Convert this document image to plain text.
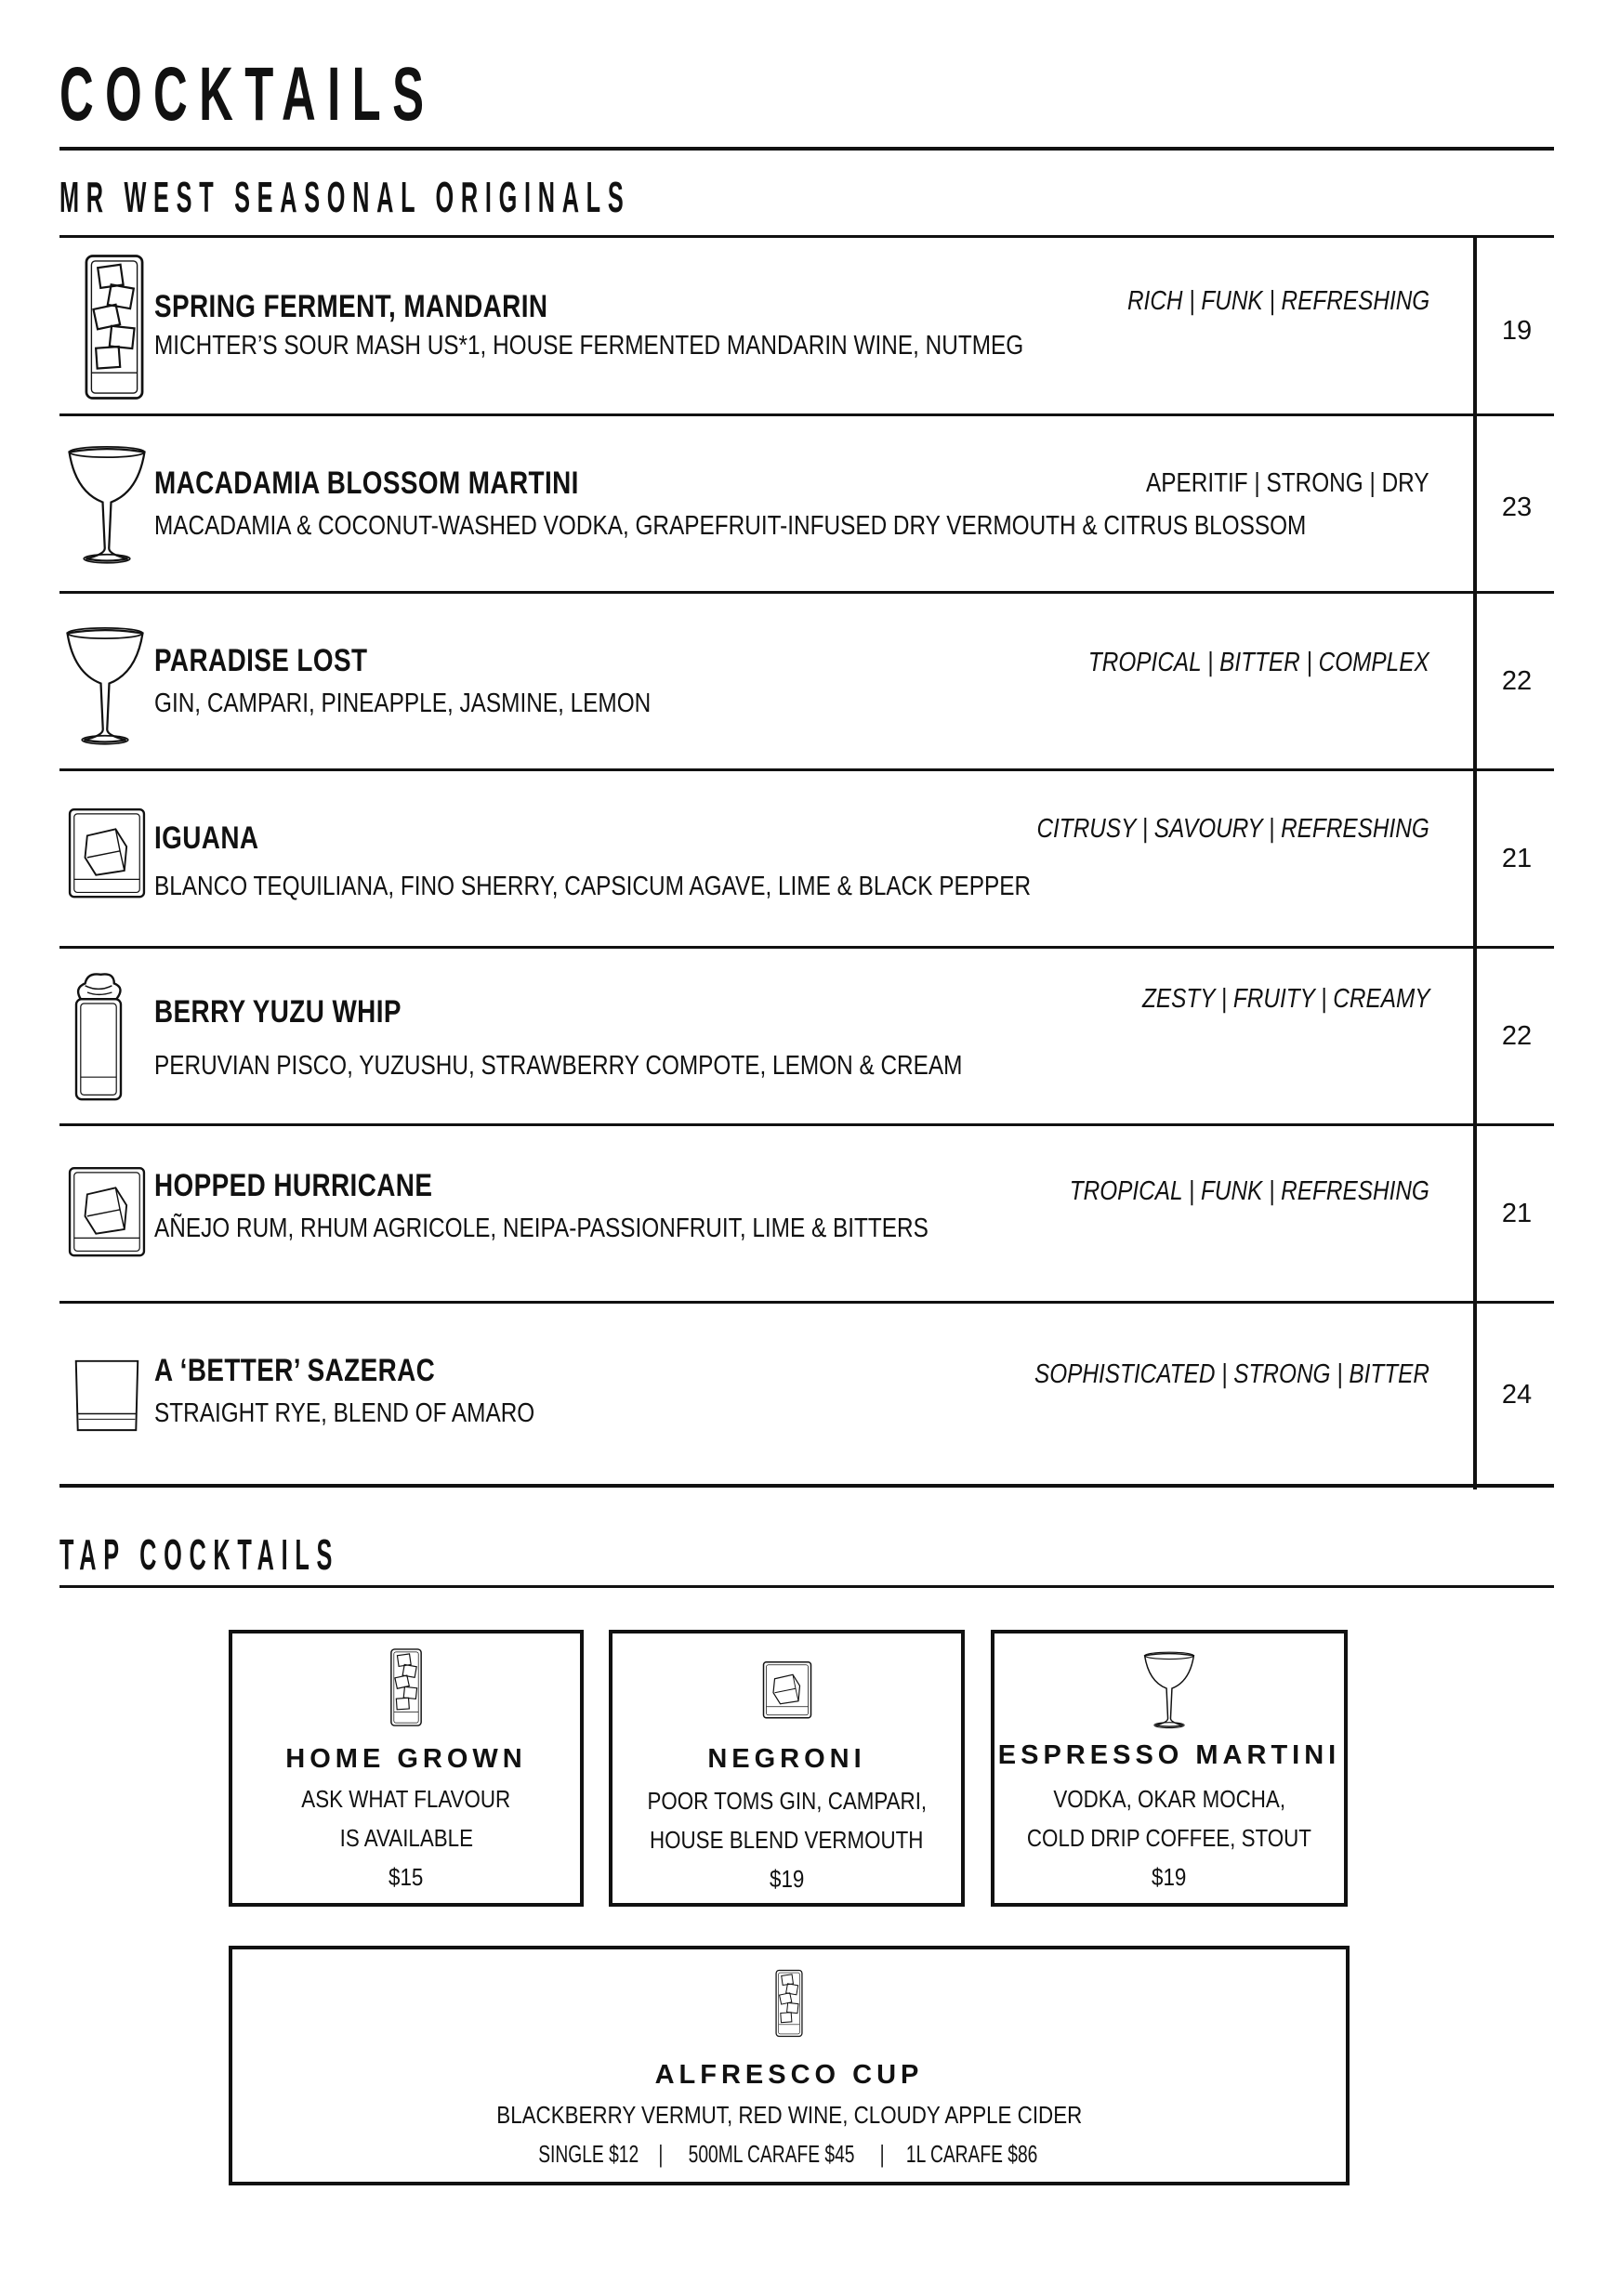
COCKTAILS
MR WEST SEASONAL ORIGINALS
SPRING FERMENT, MANDARIN	RICH | FUNK | REFRESHING
MICHTER’S SOUR MASH US*1, HOUSE FERMENTED MANDARIN WINE, NUTMEG	19
MACADAMIA BLOSSOM MARTINI	APERITIF | STRONG | DRY
MACADAMIA & COCONUT-WASHED VODKA, GRAPEFRUIT-INFUSED DRY VERMOUTH & CITRUS BLOSSOM
23
PARADISE LOST	TROPICAL | BITTER | COMPLEX
GIN, CAMPARI, PINEAPPLE, JASMINE, LEMON
22
IGUANA	CITRUSY | SAVOURY | REFRESHING
BLANCO TEQUILIANA, FINO SHERRY, CAPSICUM AGAVE, LIME & BLACK PEPPER
21
BERRY YUZU WHIP	ZESTY | FRUITY | CREAMY
PERUVIAN PISCO, YUZUSHU, STRAWBERRY COMPOTE, LEMON & CREAM
22
HOPPED HURRICANE	TROPICAL | FUNK | REFRESHING
AÑEJO RUM, RHUM AGRICOLE, NEIPA-PASSIONFRUIT, LIME & BITTERS	21
A ‘BETTER’ SAZERAC	SOPHISTICATED | STRONG | BITTER
STRAIGHT RYE, BLEND OF AMARO
24
TAP COCKTAILS
HOME GROWN
ASK WHAT FLAVOUR
IS AVAILABLE
$15
NEGRONI
POOR TOMS GIN, CAMPARI,
HOUSE BLEND VERMOUTH
$19
ESPRESSO MARTINI
VODKA, OKAR MOCHA,
COLD DRIP COFFEE, STOUT
$19
ALFRESCO CUP
BLACKBERRY VERMUT, RED WINE, CLOUDY APPLE CIDER
SINGLE $12 | 500ML CARAFE $45 | 1L CARAFE $86
